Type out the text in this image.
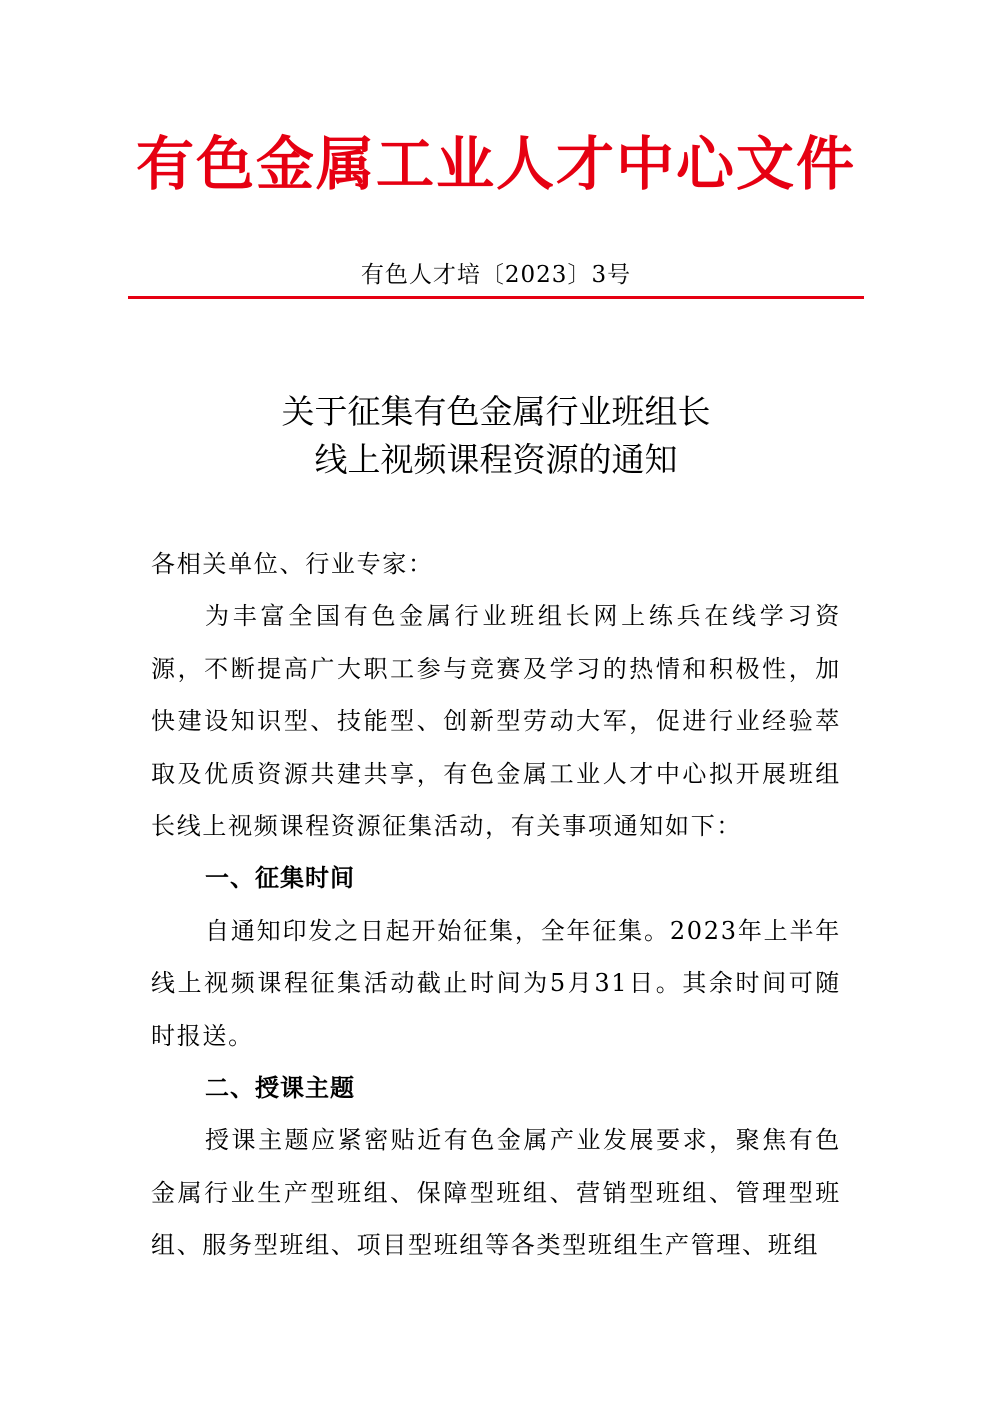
有色金属工业人才中心文件
有色人才培〔2023〕3号
关于征集有色金属行业班组长
线上视频课程资源的通知

各相关单位、行业专家：

为丰富全国有色金属行业班组长网上练兵在线学习资源，不断提高广大职工参与竞赛及学习的热情和积极性，加快建设知识型、技能型、创新型劳动大军，促进行业经验萃取及优质资源共建共享，有色金属工业人才中心拟开展班组长线上视频课程资源征集活动，有关事项通知如下：

一、征集时间

自通知印发之日起开始征集，全年征集。2023年上半年线上视频课程征集活动截止时间为5月31日。其余时间可随时报送。

二、授课主题

授课主题应紧密贴近有色金属产业发展要求，聚焦有色金属行业生产型班组、保障型班组、营销型班组、管理型班组、服务型班组、项目型班组等各类型班组生产管理、班组
